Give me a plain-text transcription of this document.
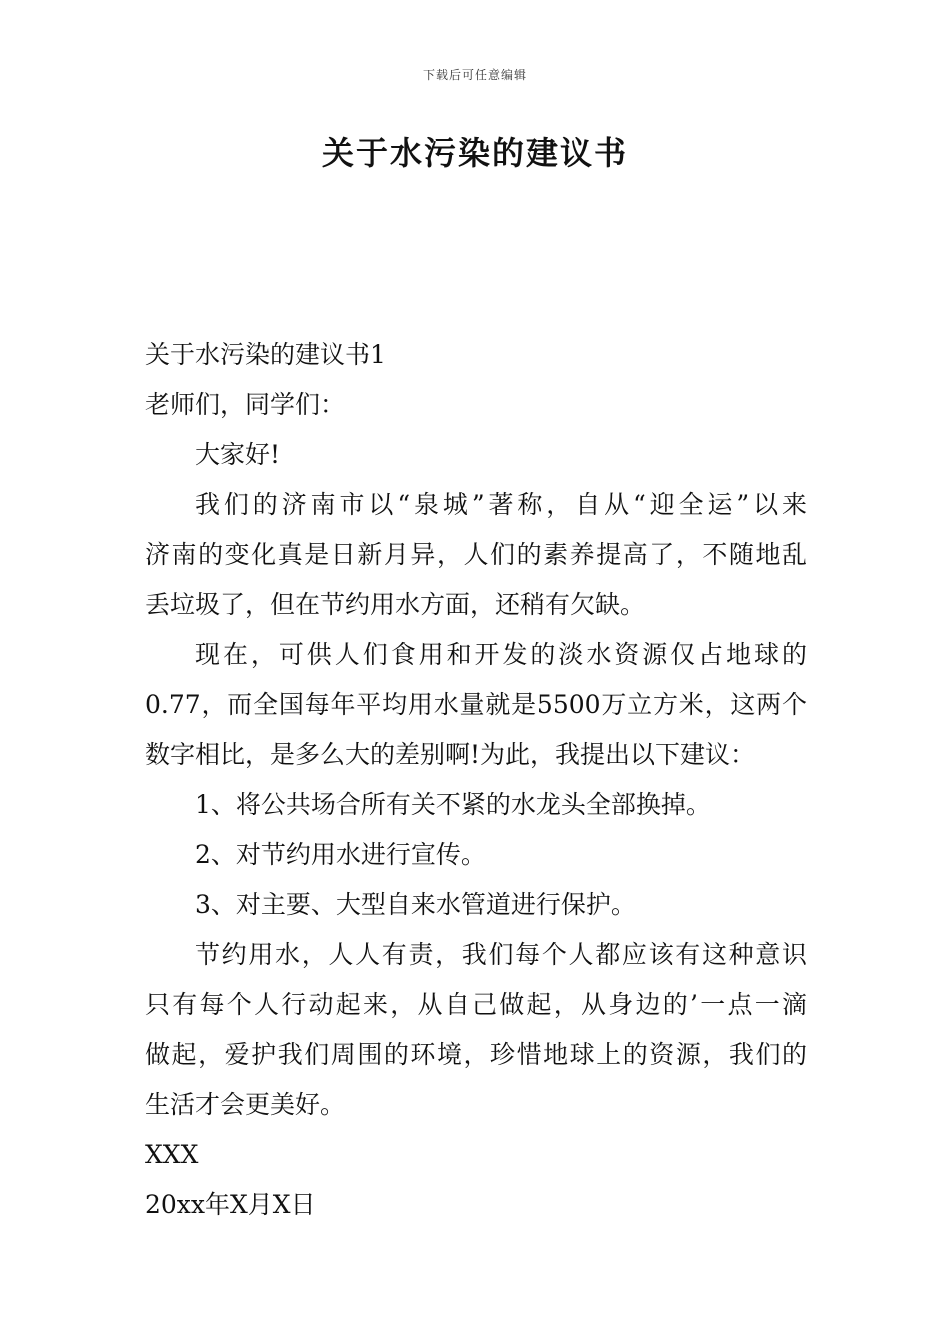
下载后可任意编辑
关于水污染的建议书
关于水污染的建议书1
老师们，同学们：
大家好!
我们的济南市以“泉城”著称，自从“迎全运”以来
济南的变化真是日新月异，人们的素养提高了，不随地乱
丢垃圾了，但在节约用水方面，还稍有欠缺。
现在，可供人们食用和开发的淡水资源仅占地球的
0.77，而全国每年平均用水量就是5500万立方米，这两个
数字相比，是多么大的差别啊!为此，我提出以下建议：
1、将公共场合所有关不紧的水龙头全部换掉。
2、对节约用水进行宣传。
3、对主要、大型自来水管道进行保护。
节约用水，人人有责，我们每个人都应该有这种意识
只有每个人行动起来，从自己做起，从身边的’一点一滴
做起，爱护我们周围的环境，珍惜地球上的资源，我们的
生活才会更美好。
XXX
20xx年X月X日
